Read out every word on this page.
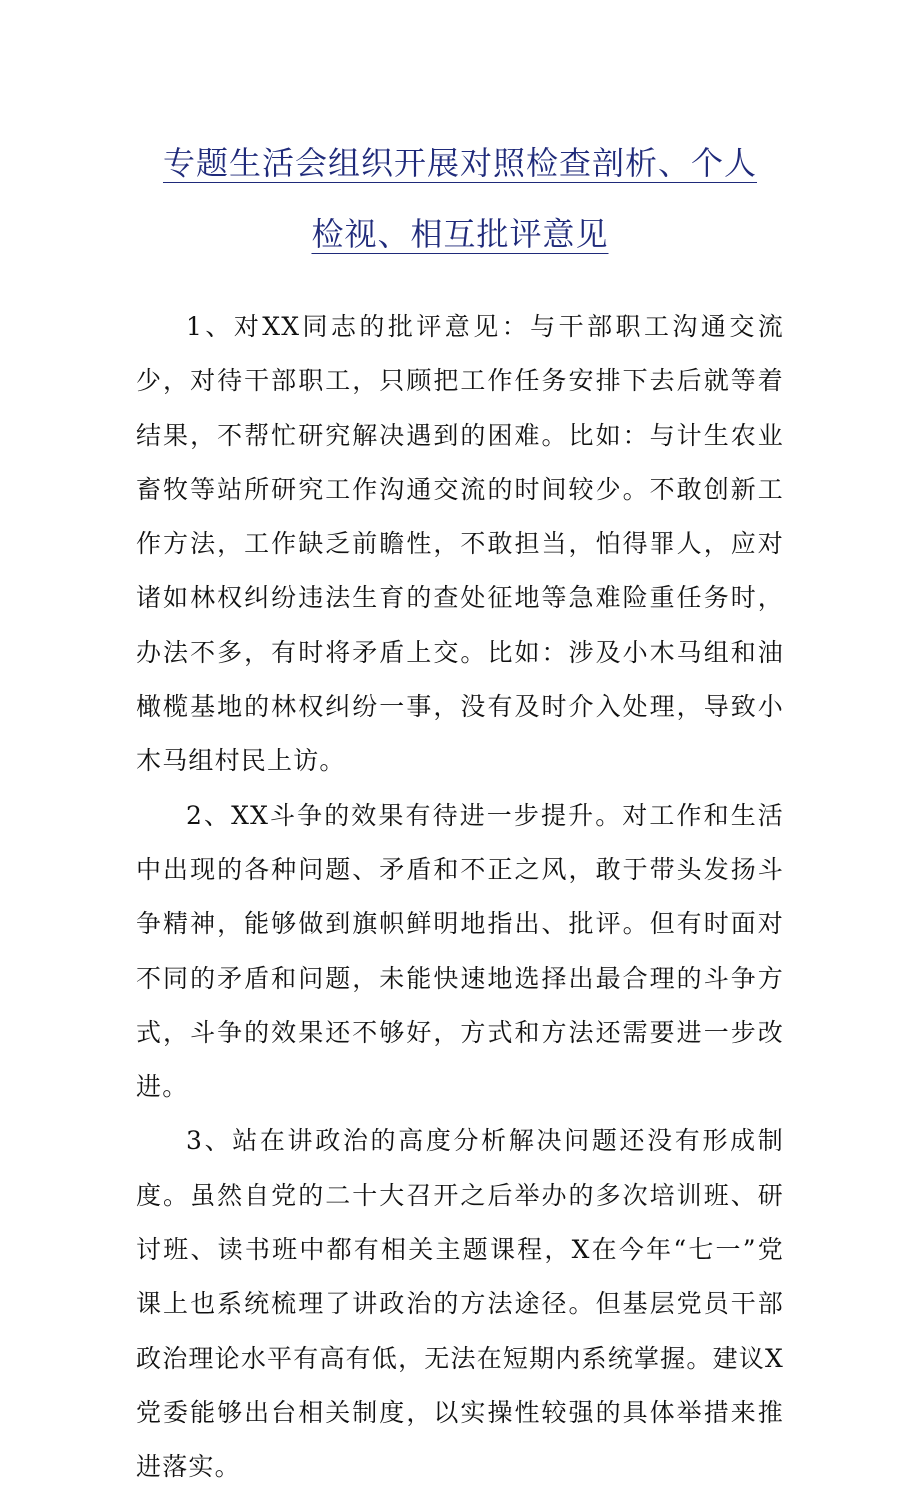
专题生活会组织开展对照检查剖析、个人
检视、相互批评意见

1、对XX同志的批评意见：与干部职工沟通交流少，对待干部职工，只顾把工作任务安排下去后就等着结果，不帮忙研究解决遇到的困难。比如：与计生农业畜牧等站所研究工作沟通交流的时间较少。不敢创新工作方法，工作缺乏前瞻性，不敢担当，怕得罪人，应对诸如林权纠纷违法生育的查处征地等急难险重任务时，办法不多，有时将矛盾上交。比如：涉及小木马组和油橄榄基地的林权纠纷一事，没有及时介入处理，导致小木马组村民上访。

2、XX斗争的效果有待进一步提升。对工作和生活中出现的各种问题、矛盾和不正之风，敢于带头发扬斗争精神，能够做到旗帜鲜明地指出、批评。但有时面对不同的矛盾和问题，未能快速地选择出最合理的斗争方式，斗争的效果还不够好，方式和方法还需要进一步改进。

3、站在讲政治的高度分析解决问题还没有形成制度。虽然自党的二十大召开之后举办的多次培训班、研讨班、读书班中都有相关主题课程，X在今年“七一”党课上也系统梳理了讲政治的方法途径。但基层党员干部政治理论水平有高有低，无法在短期内系统掌握。建议X党委能够出台相关制度，以实操性较强的具体举措来推进落实。
